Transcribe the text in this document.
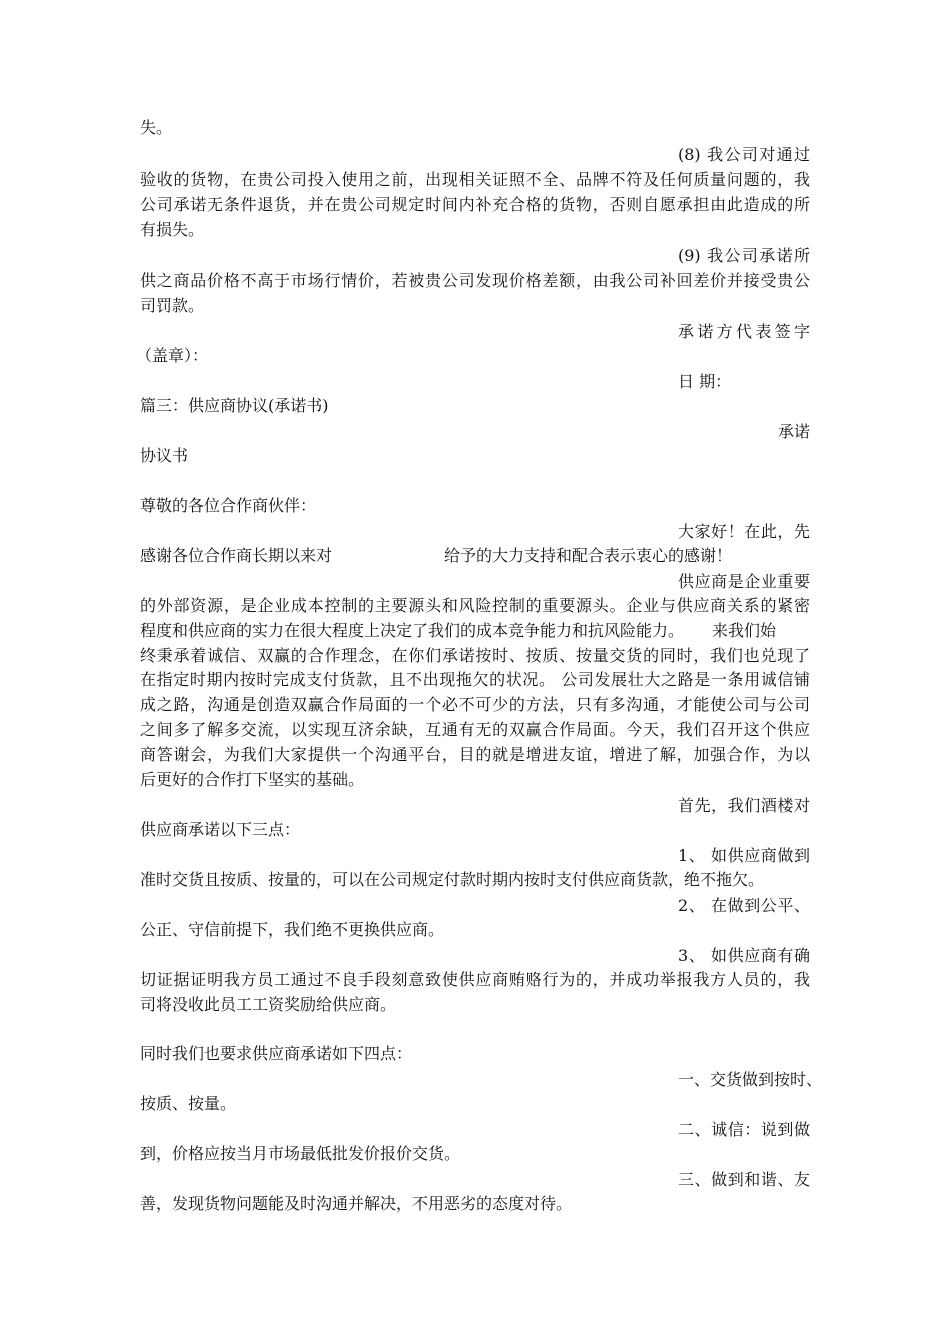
失。
(8) 我公司对通过
验收的货物，在贵公司投入使用之前，出现相关证照不全、品牌不符及任何质量问题的，我
公司承诺无条件退货，并在贵公司规定时间内补充合格的货物，否则自愿承担由此造成的所
有损失。
(9) 我公司承诺所
供之商品价格不高于市场行情价，若被贵公司发现价格差额，由我公司补回差价并接受贵公
司罚款。
承诺方代表签字
（盖章）：
日 期：
篇三：供应商协议(承诺书)
承诺
协议书
尊敬的各位合作商伙伴：
大家好！在此，先
感谢各位合作商长期以来对	给予的大力支持和配合表示衷心的感谢！
供应商是企业重要
的外部资源，是企业成本控制的主要源头和风险控制的重要源头。企业与供应商关系的紧密
程度和供应商的实力在很大程度上决定了我们的成本竞争能力和抗风险能力。 来我们始
终秉承着诚信、双赢的合作理念，在你们承诺按时、按质、按量交货的同时，我们也兑现了
在指定时期内按时完成支付货款，且不出现拖欠的状况。 公司发展壮大之路是一条用诚信铺
成之路，沟通是创造双赢合作局面的一个必不可少的方法，只有多沟通，才能使公司与公司
之间多了解多交流，以实现互济余缺，互通有无的双赢合作局面。今天，我们召开这个供应
商答谢会，为我们大家提供一个沟通平台，目的就是增进友谊，增进了解，加强合作，为以
后更好的合作打下坚实的基础。
首先，我们酒楼对
供应商承诺以下三点：
1、 如供应商做到
准时交货且按质、按量的，可以在公司规定付款时期内按时支付供应商货款，绝不拖欠。
2、 在做到公平、
公正、守信前提下，我们绝不更换供应商。
3、 如供应商有确
切证据证明我方员工通过不良手段刻意致使供应商贿赂行为的，并成功举报我方人员的，我
司将没收此员工工资奖励给供应商。
同时我们也要求供应商承诺如下四点：
一、交货做到按时、
按质、按量。
二、诚信：说到做
到，价格应按当月市场最低批发价报价交货。
三、做到和谐、友
善，发现货物问题能及时沟通并解决，不用恶劣的态度对待。
